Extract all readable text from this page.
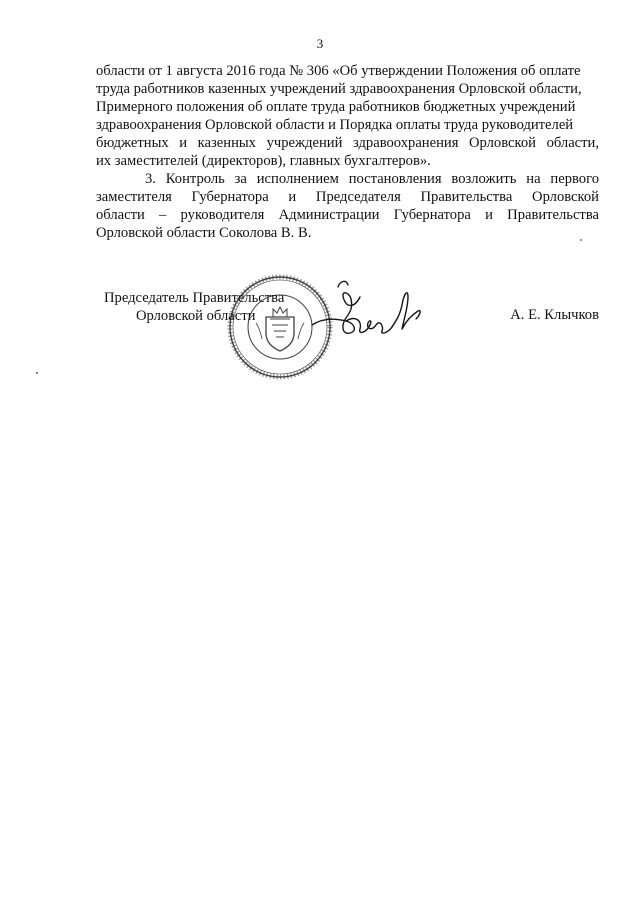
3
области от 1 августа 2016 года № 306 «Об утверждении Положения об оплате
труда работников казенных учреждений здравоохранения Орловской области,
Примерного положения об оплате труда работников бюджетных учреждений
здравоохранения Орловской области и Порядка оплаты труда руководителей
бюджетных и казенных учреждений здравоохранения Орловской области,
их заместителей (директоров), главных бухгалтеров».
3. Контроль за исполнением постановления возложить на первого
заместителя Губернатора и Председателя Правительства Орловской
области – руководителя Администрации Губернатора и Правительства
Орловской области Соколова В. В.
Председатель Правительства
Орловской области	А. Е. Клычков
